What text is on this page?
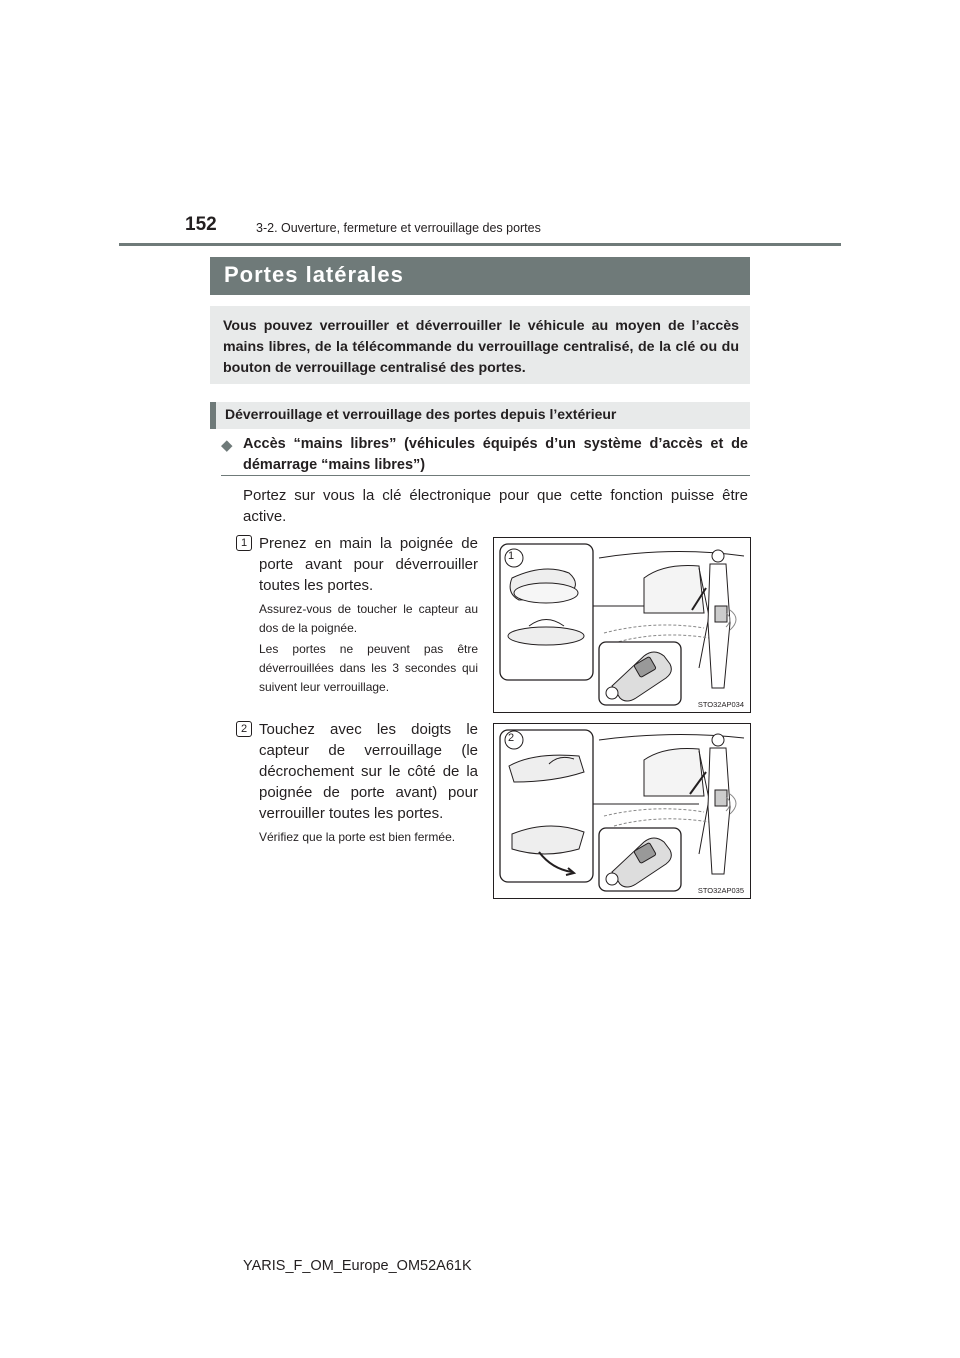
152	3-2. Ouverture, fermeture et verrouillage des portes
Portes latérales
Vous pouvez verrouiller et déverrouiller le véhicule au moyen de l’accès mains libres, de la télécommande du verrouillage centralisé, de la clé ou du bouton de verrouillage centralisé des portes.
Déverrouillage et verrouillage des portes depuis l’extérieur
◆ Accès “mains libres” (véhicules équipés d’un système d’accès et de démarrage “mains libres”)
Portez sur vous la clé électronique pour que cette fonction puisse être active.
1 Prenez en main la poignée de porte avant pour déverrouiller toutes les portes.
Assurez-vous de toucher le capteur au dos de la poignée.
Les portes ne peuvent pas être déverrouillées dans les 3 secondes qui suivent leur verrouillage.
1
STO32AP034
2 Touchez avec les doigts le capteur de verrouillage (le décrochement sur le côté de la poignée de porte avant) pour verrouiller toutes les portes.
Vérifiez que la porte est bien fermée.
2
STO32AP035
YARIS_F_OM_Europe_OM52A61K
